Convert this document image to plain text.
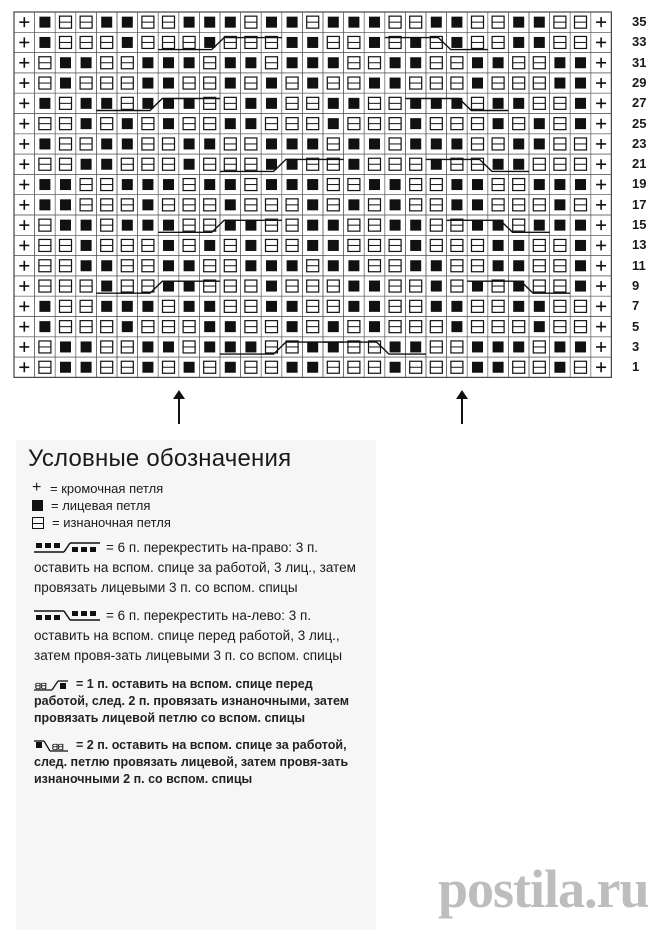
35
33
31
29
27
25
23
21
19
17
15
13
11
9
7
5
3
1
Условные обозначения
+
= кромочная петля
= лицевая петля
= изнаночная петля
= 6 п. перекрестить на-право: 3 п. оставить на вспом. спице за работой, 3 лиц., затем провязать лицевыми 3 п. со вспом. спицы
= 6 п. перекрестить на-лево: 3 п. оставить на вспом. спице перед работой, 3 лиц., затем провя-зать лицевыми 3 п. со вспом. спицы
ᗺᗺ = 1 п. оставить на вспом. спице перед работой, след. 2 п. провязать изнаночными, затем провязать лицевой петлю со вспом. спицы
ᗺᗺ = 2 п. оставить на вспом. спице за работой, след. петлю провязать лицевой, затем провя-зать изнаночными 2 п. со вспом. спицы
postila.ru
